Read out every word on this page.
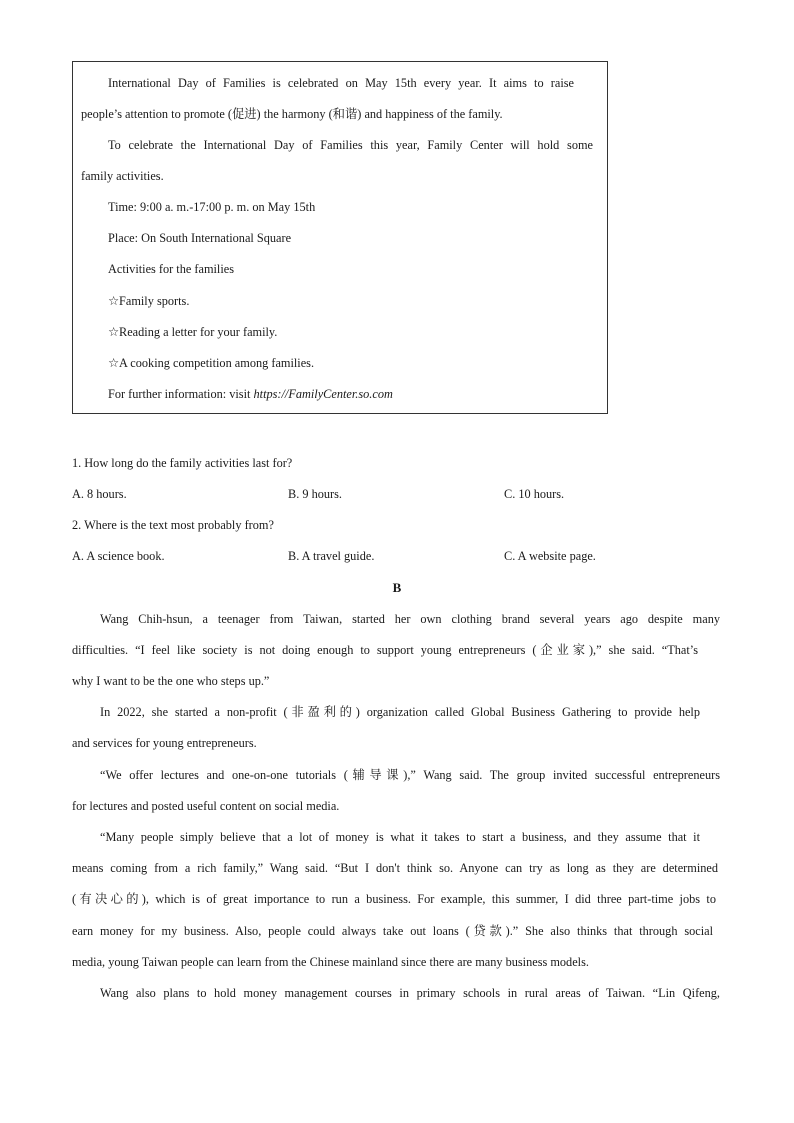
International Day of Families is celebrated on May 15th every year. It aims to raise
people’s attention to promote (促进) the harmony (和谐) and happiness of the family.
To celebrate the International Day of Families this year, Family Center will hold some
family activities.
Time: 9:00 a. m.-17:00 p. m. on May 15th
Place: On South International Square
Activities for the families
☆Family sports.
☆Reading a letter for your family.
☆A cooking competition among families.
For further information: visit https://FamilyCenter.so.com
1. How long do the family activities last for?
A. 8 hours.	B. 9 hours.	C. 10 hours.
2. Where is the text most probably from?
A. A science book.	B. A travel guide.	C. A website page.
B
Wang Chih-hsun, a teenager from Taiwan, started her own clothing brand several years ago despite many
difficulties. “I feel like society is not doing enough to support young entrepreneurs (企业家),” she said. “That’s
why I want to be the one who steps up.”
In 2022, she started a non-profit (非盈利的) organization called Global Business Gathering to provide help
and services for young entrepreneurs.
“We offer lectures and one-on-one tutorials (辅导课),” Wang said. The group invited successful entrepreneurs
for lectures and posted useful content on social media.
“Many people simply believe that a lot of money is what it takes to start a business, and they assume that it
means coming from a rich family,” Wang said. “But I don't think so. Anyone can try as long as they are determined
(有决心的), which is of great importance to run a business. For example, this summer, I did three part-time jobs to
earn money for my business. Also, people could always take out loans (贷款).” She also thinks that through social
media, young Taiwan people can learn from the Chinese mainland since there are many business models.
Wang also plans to hold money management courses in primary schools in rural areas of Taiwan. “Lin Qifeng,
